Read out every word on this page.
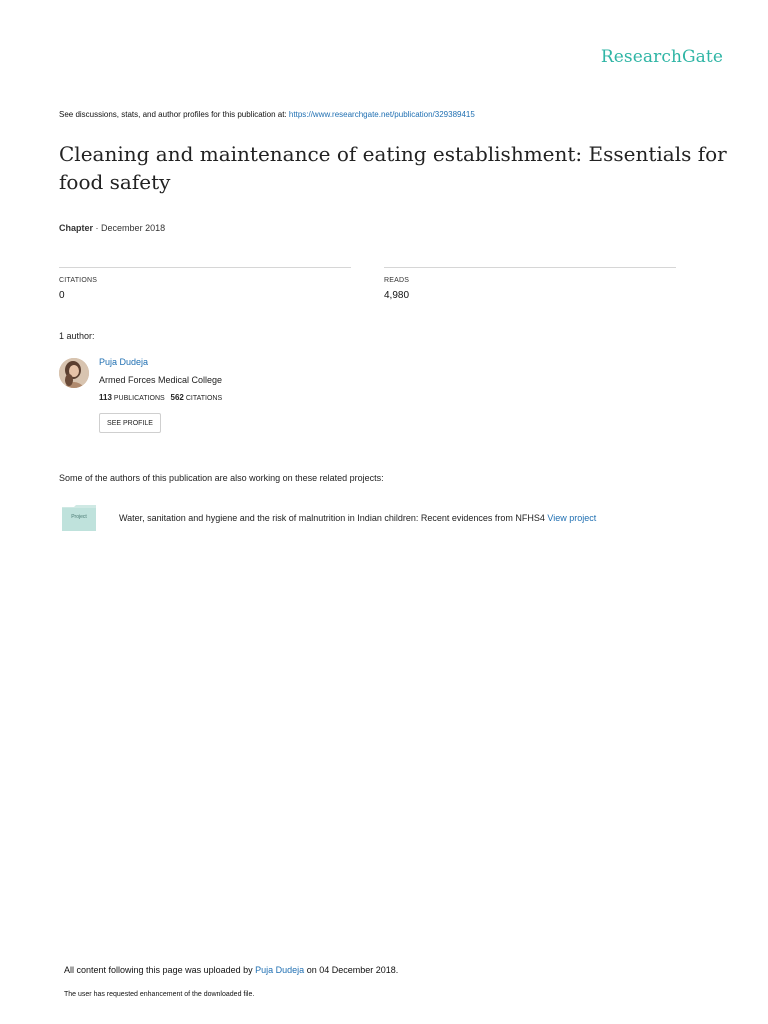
ResearchGate
See discussions, stats, and author profiles for this publication at: https://www.researchgate.net/publication/329389415
Cleaning and maintenance of eating establishment: Essentials for food safety
Chapter · December 2018
CITATIONS
0
READS
4,980
1 author:
Puja Dudeja
Armed Forces Medical College
113 PUBLICATIONS 562 CITATIONS
SEE PROFILE
Some of the authors of this publication are also working on these related projects:
Project	Water, sanitation and hygiene and the risk of malnutrition in Indian children: Recent evidences from NFHS4 View project
All content following this page was uploaded by Puja Dudeja on 04 December 2018.
The user has requested enhancement of the downloaded file.
